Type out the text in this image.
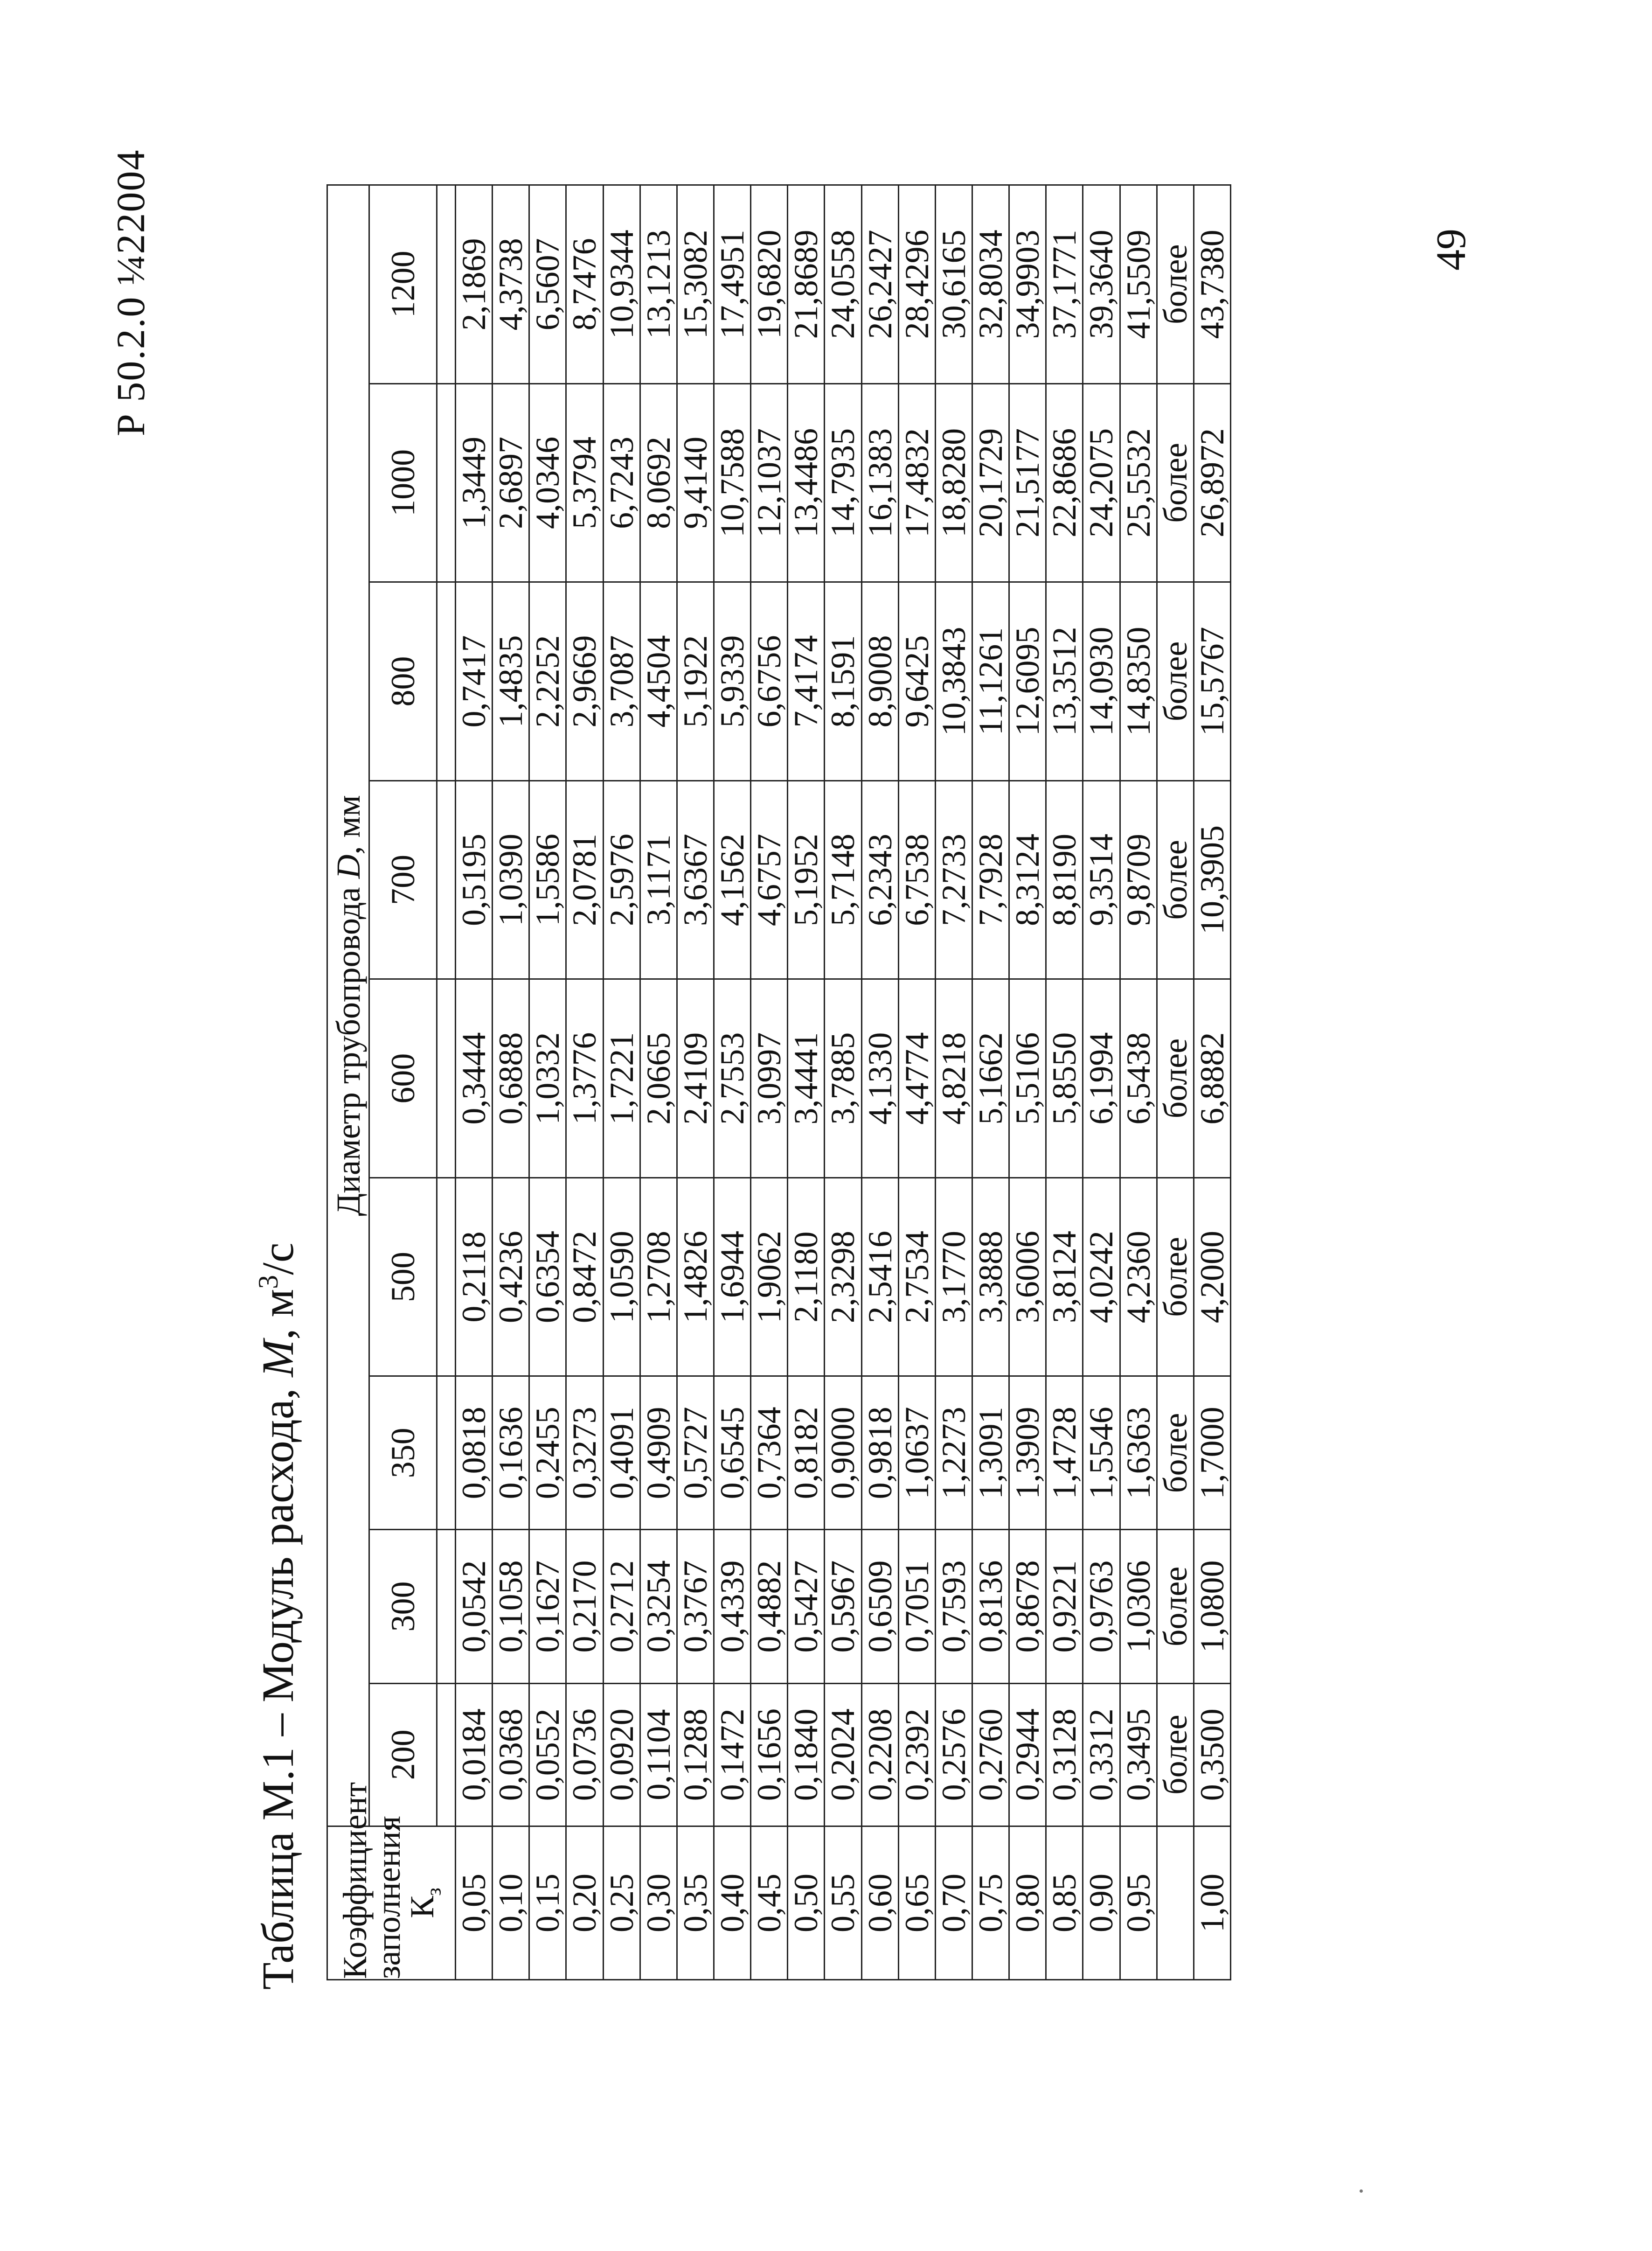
Р 50.2.0 ¼22004	49
Таблица М.1 – Модуль расхода, M, $м^3/с$
Коэффициент
заполнения
$К_з$	Диаметр трубопровода D, мм								
	200	300	350	500	600	700	800	1000	1200

0,05	0,0184	0,0542	0,0818	0,2118	0,3444	0,5195	0,7417	1,3449	2,1869
0,10	0,0368	0,1058	0,1636	0,4236	0,6888	1,0390	1,4835	2,6897	4,3738
0,15	0,0552	0,1627	0,2455	0,6354	1,0332	1,5586	2,2252	4,0346	6,5607
0,20	0,0736	0,2170	0,3273	0,8472	1,3776	2,0781	2,9669	5,3794	8,7476
0,25	0,0920	0,2712	0,4091	1,0590	1,7221	2,5976	3,7087	6,7243	10,9344
0,30	0,1104	0,3254	0,4909	1,2708	2,0665	3,1171	4,4504	8,0692	13,1213
0,35	0,1288	0,3767	0,5727	1,4826	2,4109	3,6367	5,1922	9,4140	15,3082
0,40	0,1472	0,4339	0,6545	1,6944	2,7553	4,1562	5,9339	10,7588	17,4951
0,45	0,1656	0,4882	0,7364	1,9062	3,0997	4,6757	6,6756	12,1037	19,6820
0,50	0,1840	0,5427	0,8182	2,1180	3,4441	5,1952	7,4174	13,4486	21,8689
0,55	0,2024	0,5967	0,9000	2,3298	3,7885	5,7148	8,1591	14,7935	24,0558
0,60	0,2208	0,6509	0,9818	2,5416	4,1330	6,2343	8,9008	16,1383	26,2427
0,65	0,2392	0,7051	1,0637	2,7534	4,4774	6,7538	9,6425	17,4832	28,4296
0,70	0,2576	0,7593	1,2273	3,1770	4,8218	7,2733	10,3843	18,8280	30,6165
0,75	0,2760	0,8136	1,3091	3,3888	5,1662	7,7928	11,1261	20,1729	32,8034
0,80	0,2944	0,8678	1,3909	3,6006	5,5106	8,3124	12,6095	21,5177	34,9903
0,85	0,3128	0,9221	1,4728	3,8124	5,8550	8,8190	13,3512	22,8686	37,1771
0,90	0,3312	0,9763	1,5546	4,0242	6,1994	9,3514	14,0930	24,2075	39,3640
0,95	0,3495	1,0306	1,6363	4,2360	6,5438	9,8709	14,8350	25,5532	41,5509
	более	более	более	более	более	более	более	более	более
1,00	0,3500	1,0800	1,7000	4,2000	6,8882	10,3905	15,5767	26,8972	43,7380
